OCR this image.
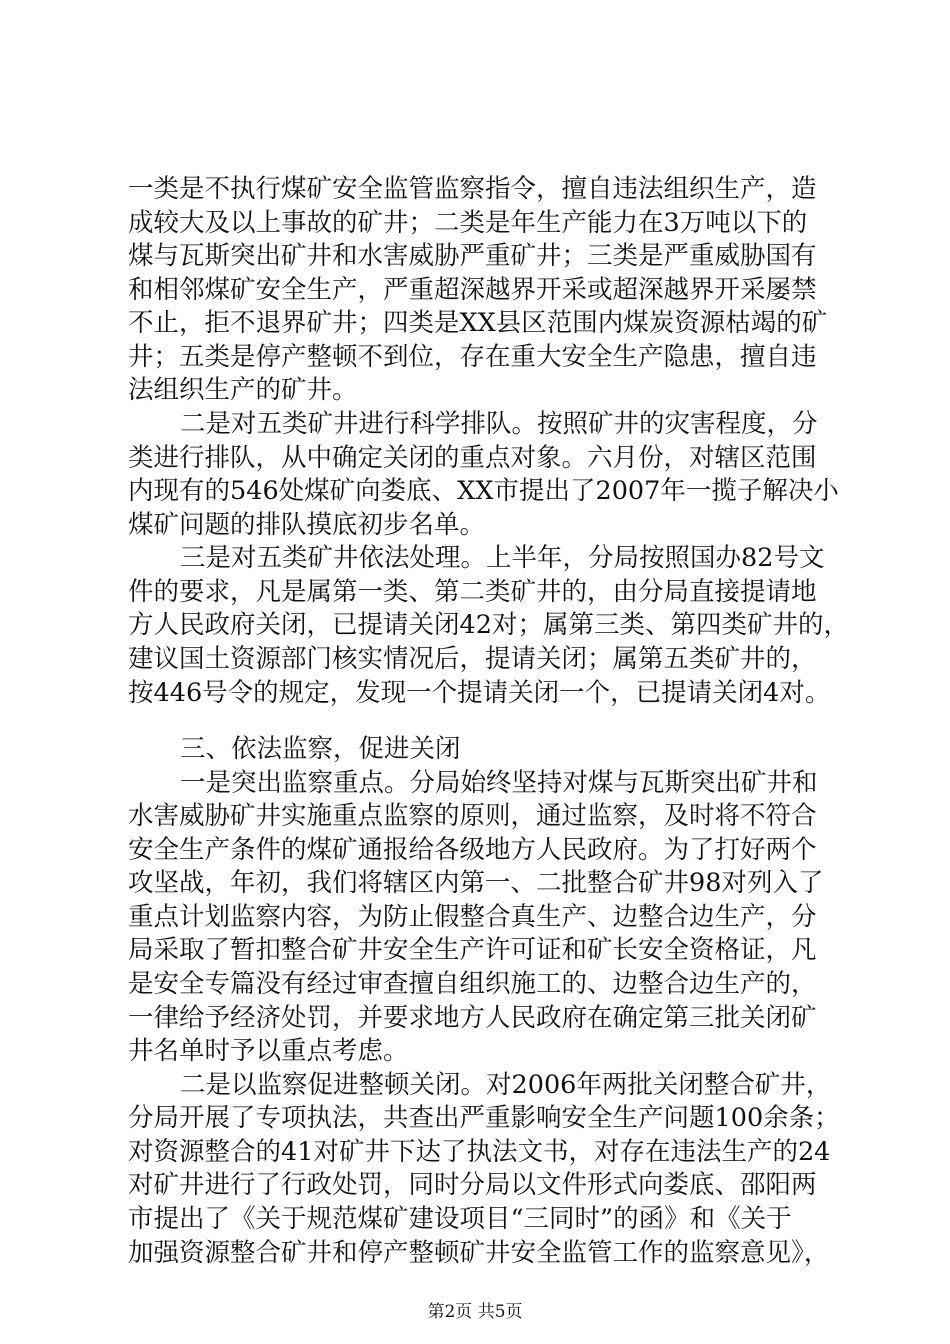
一类是不执行煤矿安全监管监察指令，擅自违法组织生产，造
成较大及以上事故的矿井；二类是年生产能力在3万吨以下的
煤与瓦斯突出矿井和水害威胁严重矿井；三类是严重威胁国有
和相邻煤矿安全生产，严重超深越界开采或超深越界开采屡禁
不止，拒不退界矿井；四类是XX县区范围内煤炭资源枯竭的矿
井；五类是停产整顿不到位，存在重大安全生产隐患，擅自违
法组织生产的矿井。
二是对五类矿井进行科学排队。按照矿井的灾害程度，分
类进行排队，从中确定关闭的重点对象。六月份，对辖区范围
内现有的546处煤矿向娄底、XX市提出了2007年一揽子解决小
煤矿问题的排队摸底初步名单。
三是对五类矿井依法处理。上半年，分局按照国办82号文
件的要求，凡是属第一类、第二类矿井的，由分局直接提请地
方人民政府关闭，已提请关闭42对；属第三类、第四类矿井的，
建议国土资源部门核实情况后，提请关闭；属第五类矿井的，
按446号令的规定，发现一个提请关闭一个，已提请关闭4对。
三、依法监察，促进关闭
一是突出监察重点。分局始终坚持对煤与瓦斯突出矿井和
水害威胁矿井实施重点监察的原则，通过监察，及时将不符合
安全生产条件的煤矿通报给各级地方人民政府。为了打好两个
攻坚战，年初，我们将辖区内第一、二批整合矿井98对列入了
重点计划监察内容，为防止假整合真生产、边整合边生产，分
局采取了暂扣整合矿井安全生产许可证和矿长安全资格证，凡
是安全专篇没有经过审查擅自组织施工的、边整合边生产的，
一律给予经济处罚，并要求地方人民政府在确定第三批关闭矿
井名单时予以重点考虑。
二是以监察促进整顿关闭。对2006年两批关闭整合矿井，
分局开展了专项执法，共查出严重影响安全生产问题100余条；
对资源整合的41对矿井下达了执法文书，对存在违法生产的24
对矿井进行了行政处罚，同时分局以文件形式向娄底、邵阳两
市提出了《关于规范煤矿建设项目“三同时”的函》和《关于
加强资源整合矿井和停产整顿矿井安全监管工作的监察意见》，
第2页 共5页
